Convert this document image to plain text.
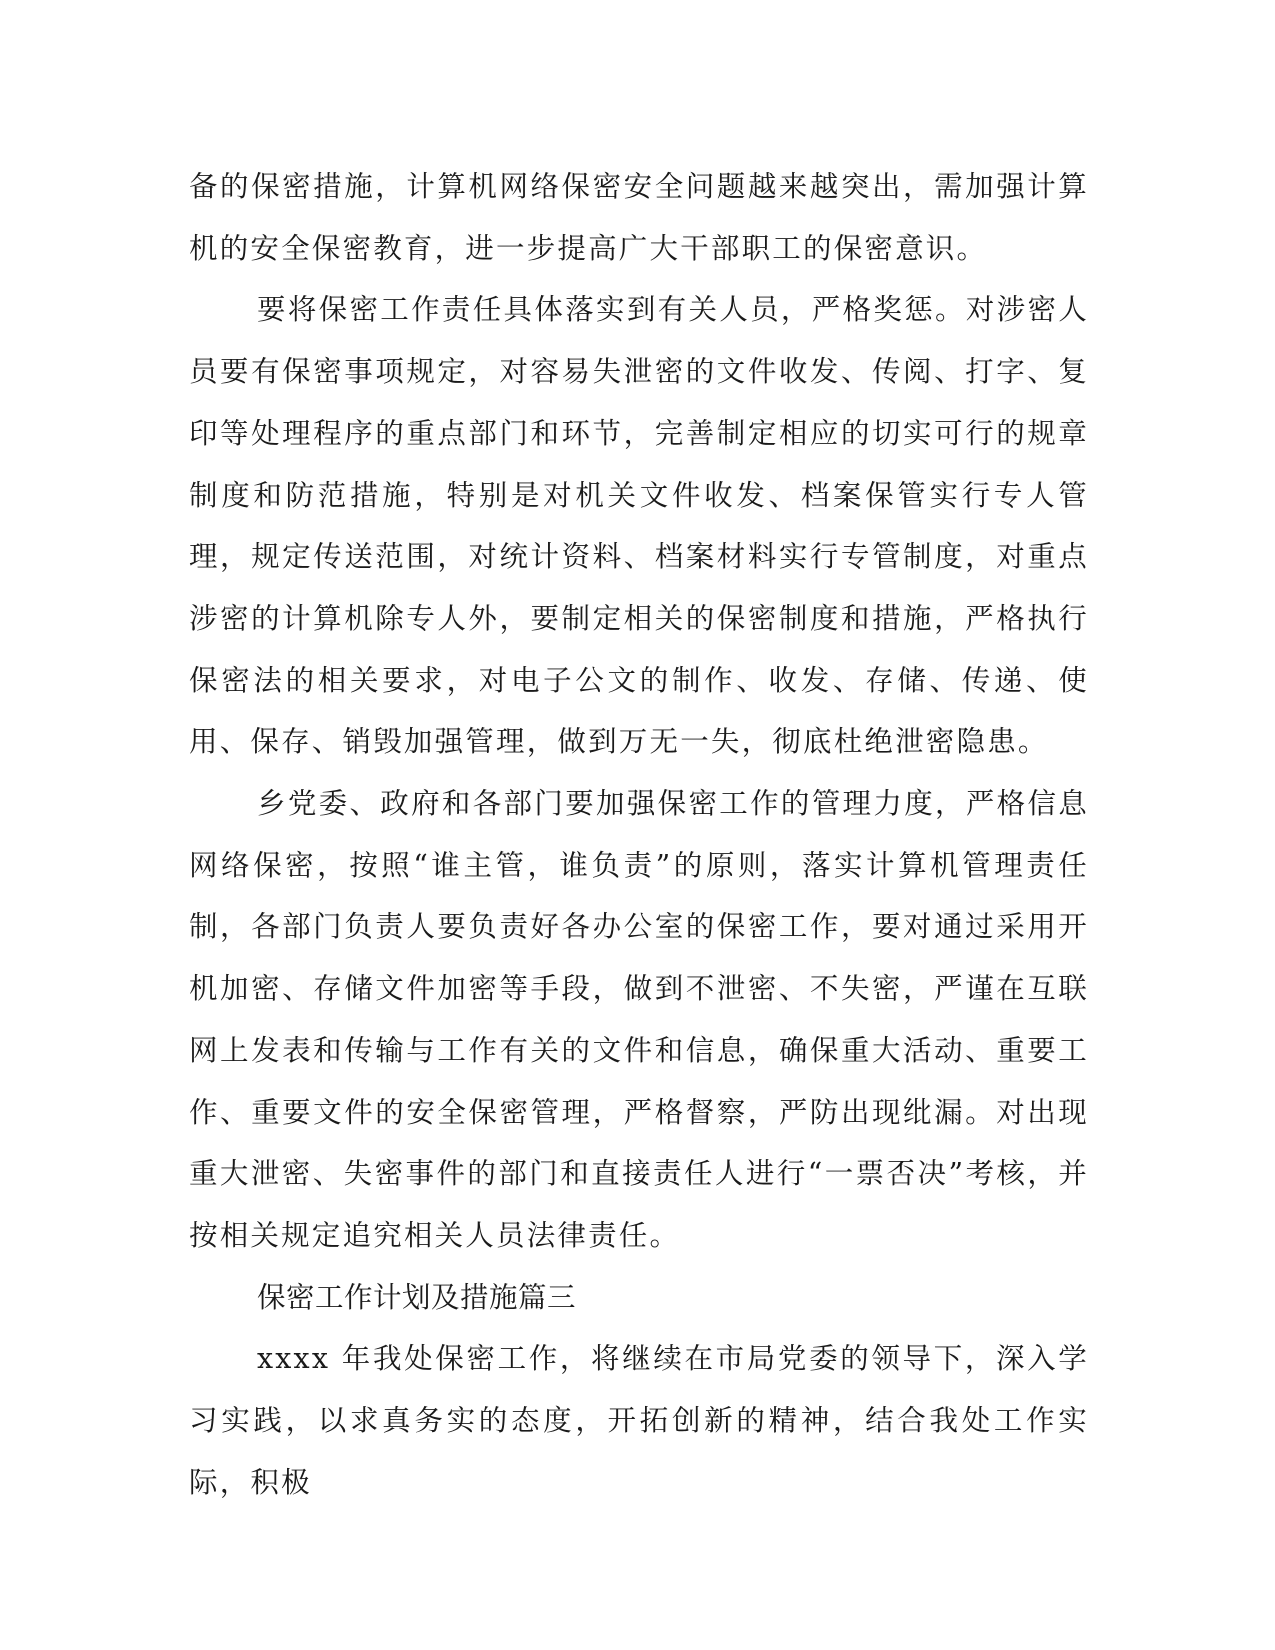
备的保密措施，计算机网络保密安全问题越来越突出，需加强计算机的安全保密教育，进一步提高广大干部职工的保密意识。

要将保密工作责任具体落实到有关人员，严格奖惩。对涉密人员要有保密事项规定，对容易失泄密的文件收发、传阅、打字、复印等处理程序的重点部门和环节，完善制定相应的切实可行的规章制度和防范措施，特别是对机关文件收发、档案保管实行专人管理，规定传送范围，对统计资料、档案材料实行专管制度，对重点涉密的计算机除专人外，要制定相关的保密制度和措施，严格执行保密法的相关要求，对电子公文的制作、收发、存储、传递、使用、保存、销毁加强管理，做到万无一失，彻底杜绝泄密隐患。

乡党委、政府和各部门要加强保密工作的管理力度，严格信息网络保密，按照“谁主管，谁负责”的原则，落实计算机管理责任制，各部门负责人要负责好各办公室的保密工作，要对通过采用开机加密、存储文件加密等手段，做到不泄密、不失密，严谨在互联网上发表和传输与工作有关的文件和信息，确保重大活动、重要工作、重要文件的安全保密管理，严格督察，严防出现纰漏。对出现重大泄密、失密事件的部门和直接责任人进行“一票否决”考核，并按相关规定追究相关人员法律责任。

保密工作计划及措施篇三

xxxx 年我处保密工作，将继续在市局党委的领导下，深入学习实践，以求真务实的态度，开拓创新的精神，结合我处工作实际，积极
